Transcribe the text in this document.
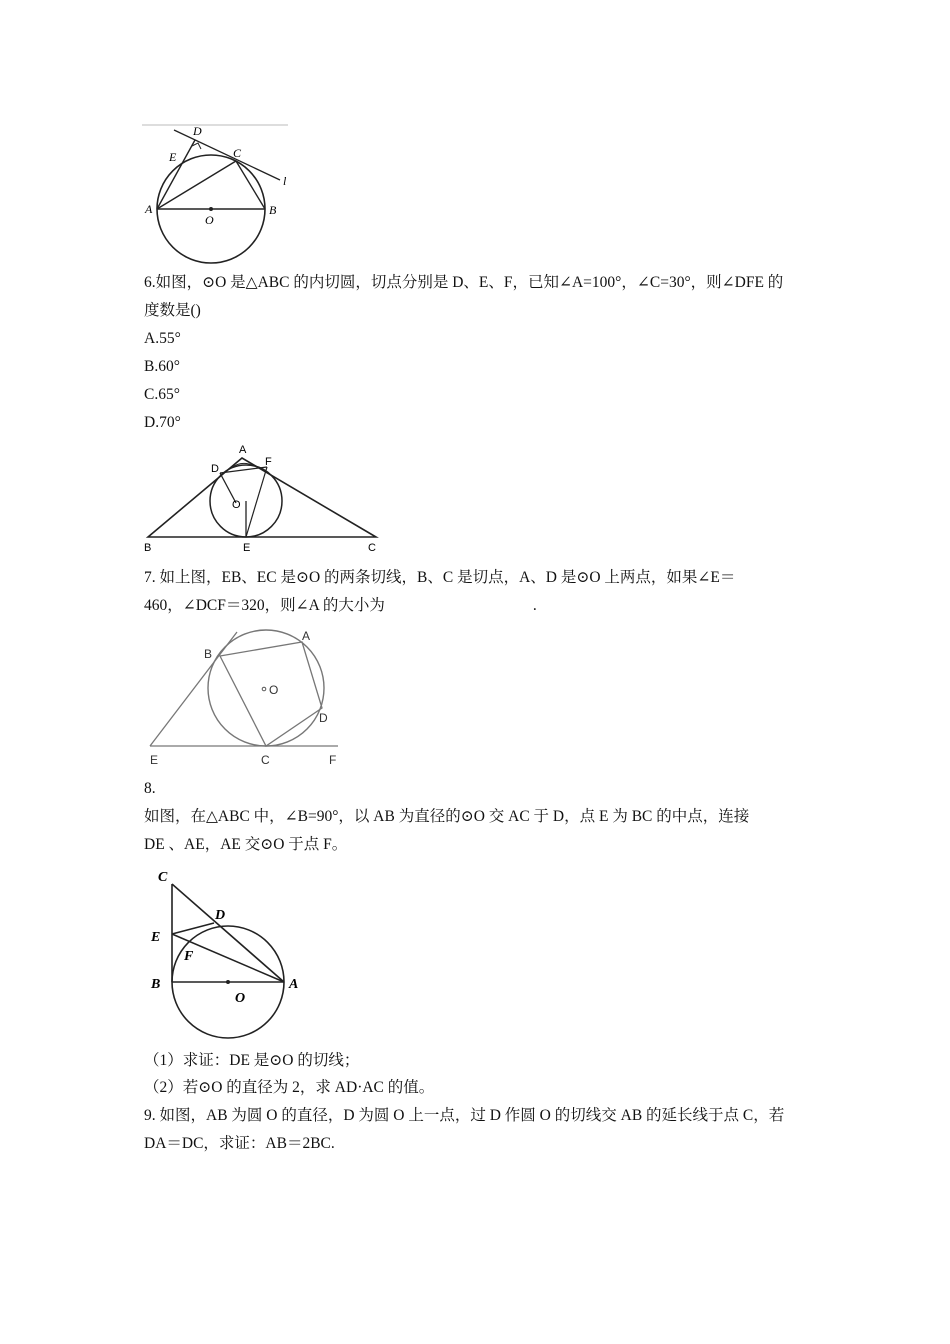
D
E	C
l
A
O
B
6.如图，⊙O 是△ABC 的内切圆，切点分别是 D、E、F，已知∠A=100°，∠C=30°，则∠DFE 的
度数是()
A.55°
B.60°
C.65°
D.70°
A
D
F
O
B	E	C
7. 如上图，EB、EC 是⊙O 的两条切线，B、C 是切点，A、D 是⊙O 上两点，如果∠E＝
460，∠DCF＝320，则∠A 的大小为	.
B
A
O
D
E	C	F
8.
如图，在△ABC 中，∠B=90°，以 AB 为直径的⊙O 交 AC 于 D，点 E 为 BC 的中点，连接
DE 、AE，AE 交⊙O 于点 F。
C
D
E
F
B
O
A
（1）求证：DE 是⊙O 的切线；
（2）若⊙O 的直径为 2，求 AD·AC 的值。
9. 如图，AB 为圆 O 的直径，D 为圆 O 上一点，过 D 作圆 O 的切线交 AB 的延长线于点 C，若
DA＝DC，求证：AB＝2BC.
